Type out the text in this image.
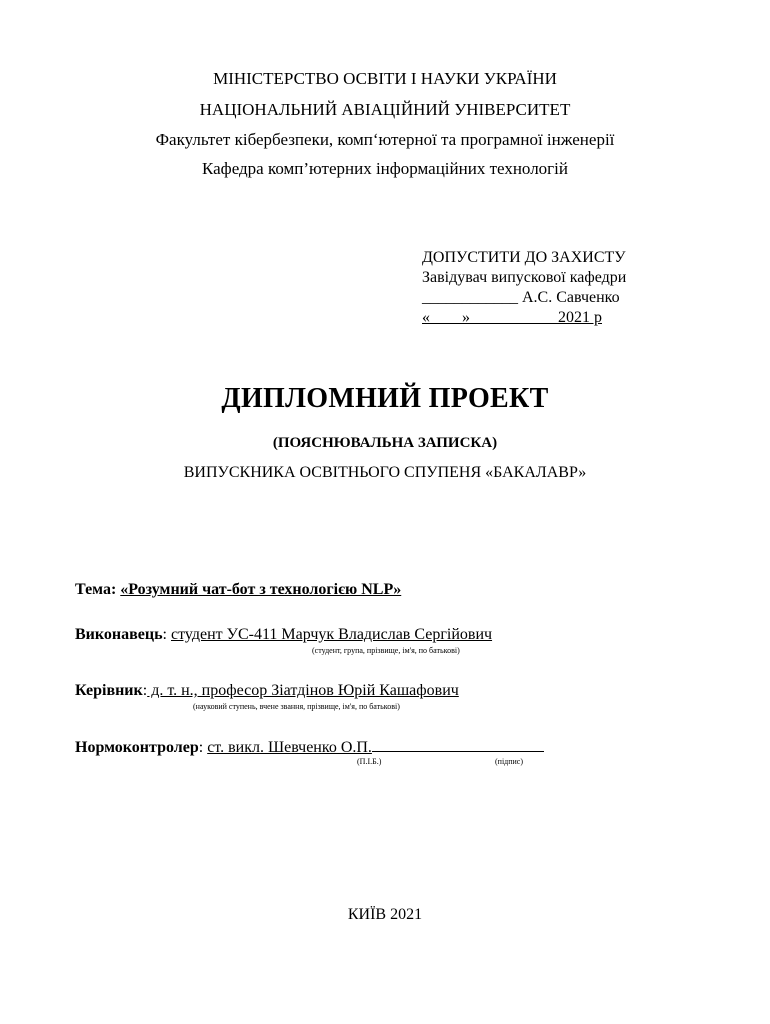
МІНІСТЕРСТВО ОСВІТИ І НАУКИ УКРАЇНИ
НАЦІОНАЛЬНИЙ АВІАЦІЙНИЙ УНІВЕРСИТЕТ
Факультет кібербезпеки, комп‘ютерної та програмної інженерії
Кафедра комп’ютерних інформаційних технологій
ДОПУСТИТИ ДО ЗАХИСТУ
Завідувач випускової кафедри
____________ А.С. Савченко
«____» __________ 2021 р
ДИПЛОМНИЙ ПРОЕКТ
(ПОЯСНЮВАЛЬНА ЗАПИСКА)
ВИПУСКНИКА ОСВІТНЬОГО СПУПЕНЯ «БАКАЛАВР»
Тема: «Розумний чат-бот з технологією NLP»
Виконавець: студент УС-411 Марчук Владислав Сергійович
(студент, група, прізвище, ім'я, по батькові)
Керівник: д. т. н., професор Зіатдінов Юрій Кашафович
(науковий ступень, вчене звання, прізвище, ім'я, по батькові)
Нормоконтролер: ст. викл. Шевченко О.П.
(П.І.Б.)	(підпис)
КИЇВ 2021
